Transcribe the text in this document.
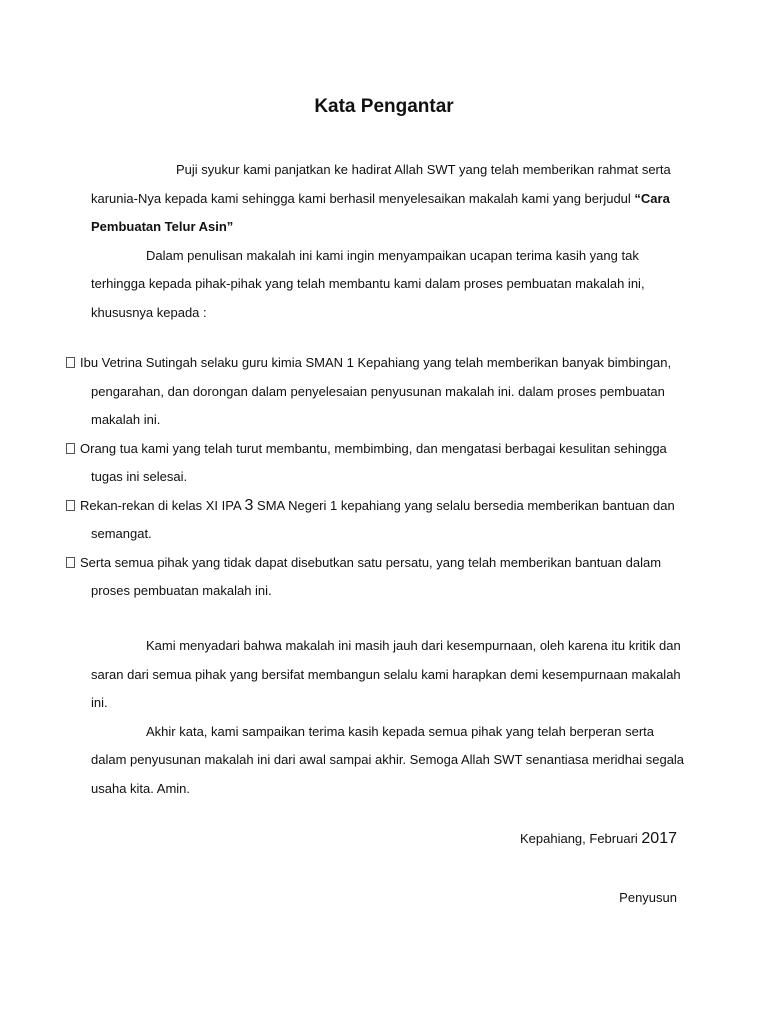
Kata Pengantar

Puji syukur kami panjatkan ke hadirat Allah SWT yang telah memberikan rahmat serta karunia-Nya kepada kami sehingga kami berhasil menyelesaikan makalah kami yang berjudul “Cara Pembuatan Telur Asin”

Dalam penulisan makalah ini kami ingin menyampaikan ucapan terima kasih yang tak terhingga kepada pihak-pihak yang telah membantu kami dalam proses pembuatan makalah ini, khususnya kepada :

Ibu Vetrina Sutingah selaku guru kimia SMAN 1 Kepahiang yang telah memberikan banyak bimbingan, pengarahan, dan dorongan dalam penyelesaian penyusunan makalah ini. dalam proses pembuatan makalah ini.
Orang tua kami yang telah turut membantu, membimbing, dan mengatasi berbagai kesulitan sehingga tugas ini selesai.
Rekan-rekan di kelas XI IPA 3 SMA Negeri 1 kepahiang yang selalu bersedia memberikan bantuan dan semangat.
Serta semua pihak yang tidak dapat disebutkan satu persatu, yang telah memberikan bantuan dalam proses pembuatan makalah ini.

Kami menyadari bahwa makalah ini masih jauh dari kesempurnaan, oleh karena itu kritik dan saran dari semua pihak yang bersifat membangun selalu kami harapkan demi kesempurnaan makalah ini.

Akhir kata, kami sampaikan terima kasih kepada semua pihak yang telah berperan serta dalam penyusunan makalah ini dari awal sampai akhir. Semoga Allah SWT senantiasa meridhai segala usaha kita. Amin.

Kepahiang, Februari 2017
Penyusun
